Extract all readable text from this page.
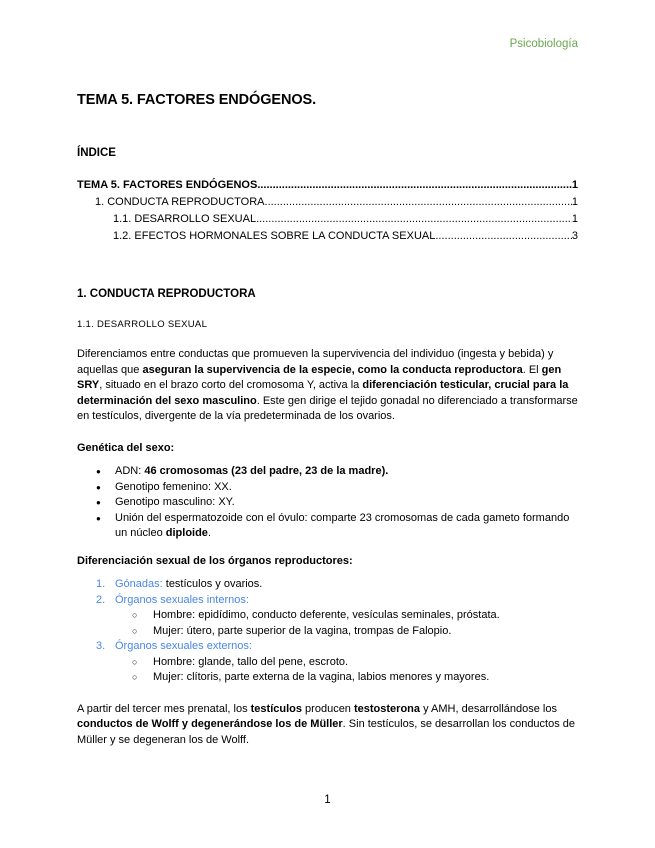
Psicobiología
TEMA 5. FACTORES ENDÓGENOS.
ÍNDICE
TEMA 5. FACTORES ENDÓGENOS .....	1
1. CONDUCTA REPRODUCTORA .....	1
1.1. DESARROLLO SEXUAL .....	1
1.2. EFECTOS HORMONALES SOBRE LA CONDUCTA SEXUAL .....	3
1. CONDUCTA REPRODUCTORA
1.1. DESARROLLO SEXUAL

Diferenciamos entre conductas que promueven la supervivencia del individuo (ingesta y bebida) y aquellas que aseguran la supervivencia de la especie, como la conducta reproductora. El gen SRY, situado en el brazo corto del cromosoma Y, activa la diferenciación testicular, crucial para la determinación del sexo masculino. Este gen dirige el tejido gonadal no diferenciado a transformarse en testículos, divergente de la vía predeterminada de los ovarios.

Genética del sexo:
● ADN: 46 cromosomas (23 del padre, 23 de la madre).
● Genotipo femenino: XX.
● Genotipo masculino: XY.
● Unión del espermatozoide con el óvulo: comparte 23 cromosomas de cada gameto formando un núcleo diploide.
Diferenciación sexual de los órganos reproductores:
1. Gónadas: testículos y ovarios.
2. Órganos sexuales internos:
○ Hombre: epidídimo, conducto deferente, vesículas seminales, próstata.
○ Mujer: útero, parte superior de la vagina, trompas de Falopio.
3. Órganos sexuales externos:
○ Hombre: glande, tallo del pene, escroto.
○ Mujer: clítoris, parte externa de la vagina, labios menores y mayores.

A partir del tercer mes prenatal, los testículos producen testosterona y AMH, desarrollándose los conductos de Wolff y degenerándose los de Müller. Sin testículos, se desarrollan los conductos de Müller y se degeneran los de Wolff.

1
